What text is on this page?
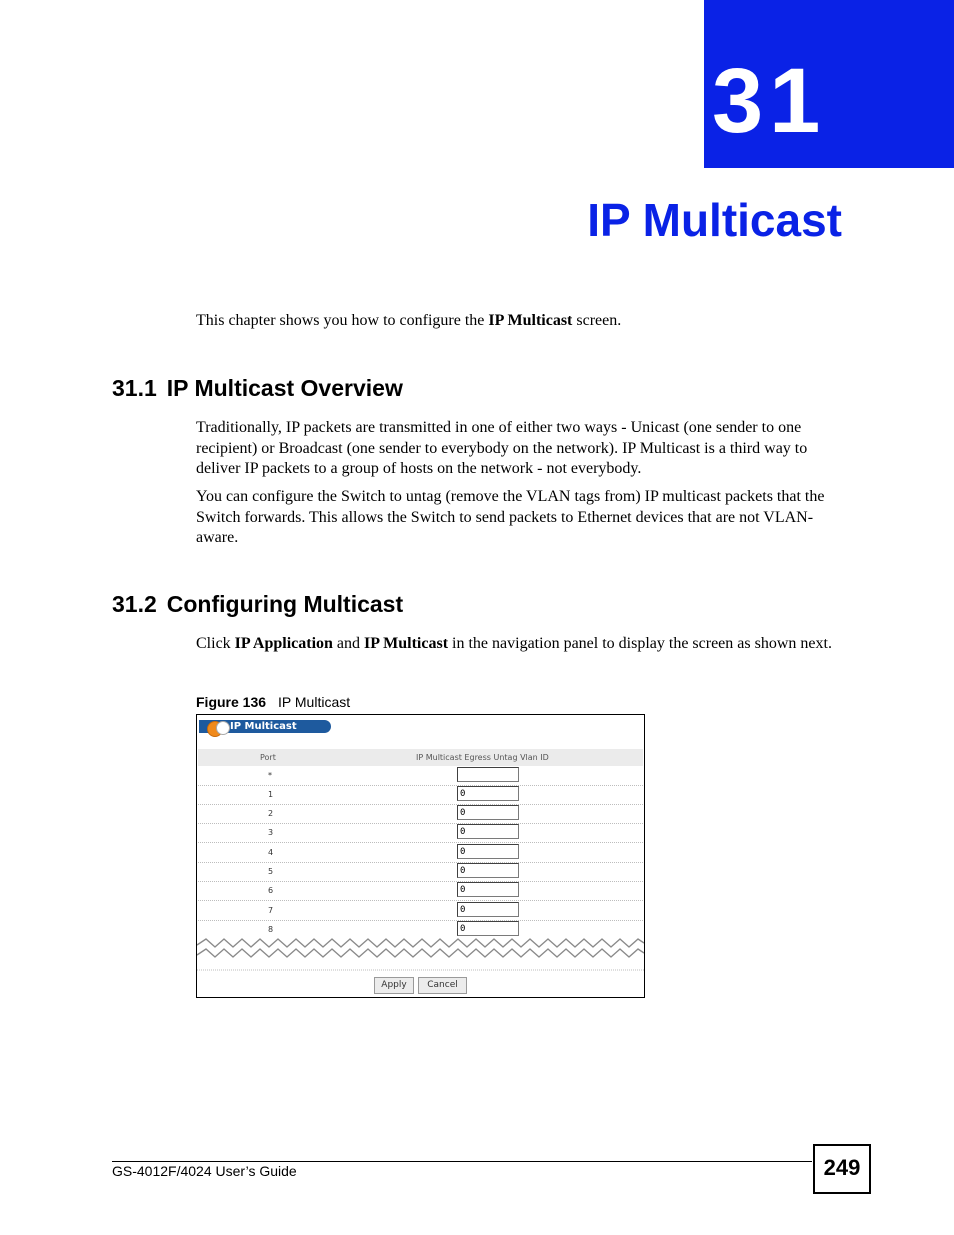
31
IP Multicast
This chapter shows you how to configure the IP Multicast screen.
31.1 IP Multicast Overview
Traditionally, IP packets are transmitted in one of either two ways - Unicast (one sender to one recipient) or Broadcast (one sender to everybody on the network). IP Multicast is a third way to deliver IP packets to a group of hosts on the network - not everybody.
You can configure the Switch to untag (remove the VLAN tags from) IP multicast packets that the Switch forwards. This allows the Switch to send packets to Ethernet devices that are not VLAN-aware.
31.2 Configuring Multicast
Click IP Application and IP Multicast in the navigation panel to display the screen as shown next.
Figure 136 IP Multicast
IP Multicast
Port	IP Multicast Egress Untag Vlan ID
*
1	0
2	0
3	0
4	0
5	0
6	0
7	0
8	0
Apply	Cancel
GS-4012F/4024 User’s Guide	249
